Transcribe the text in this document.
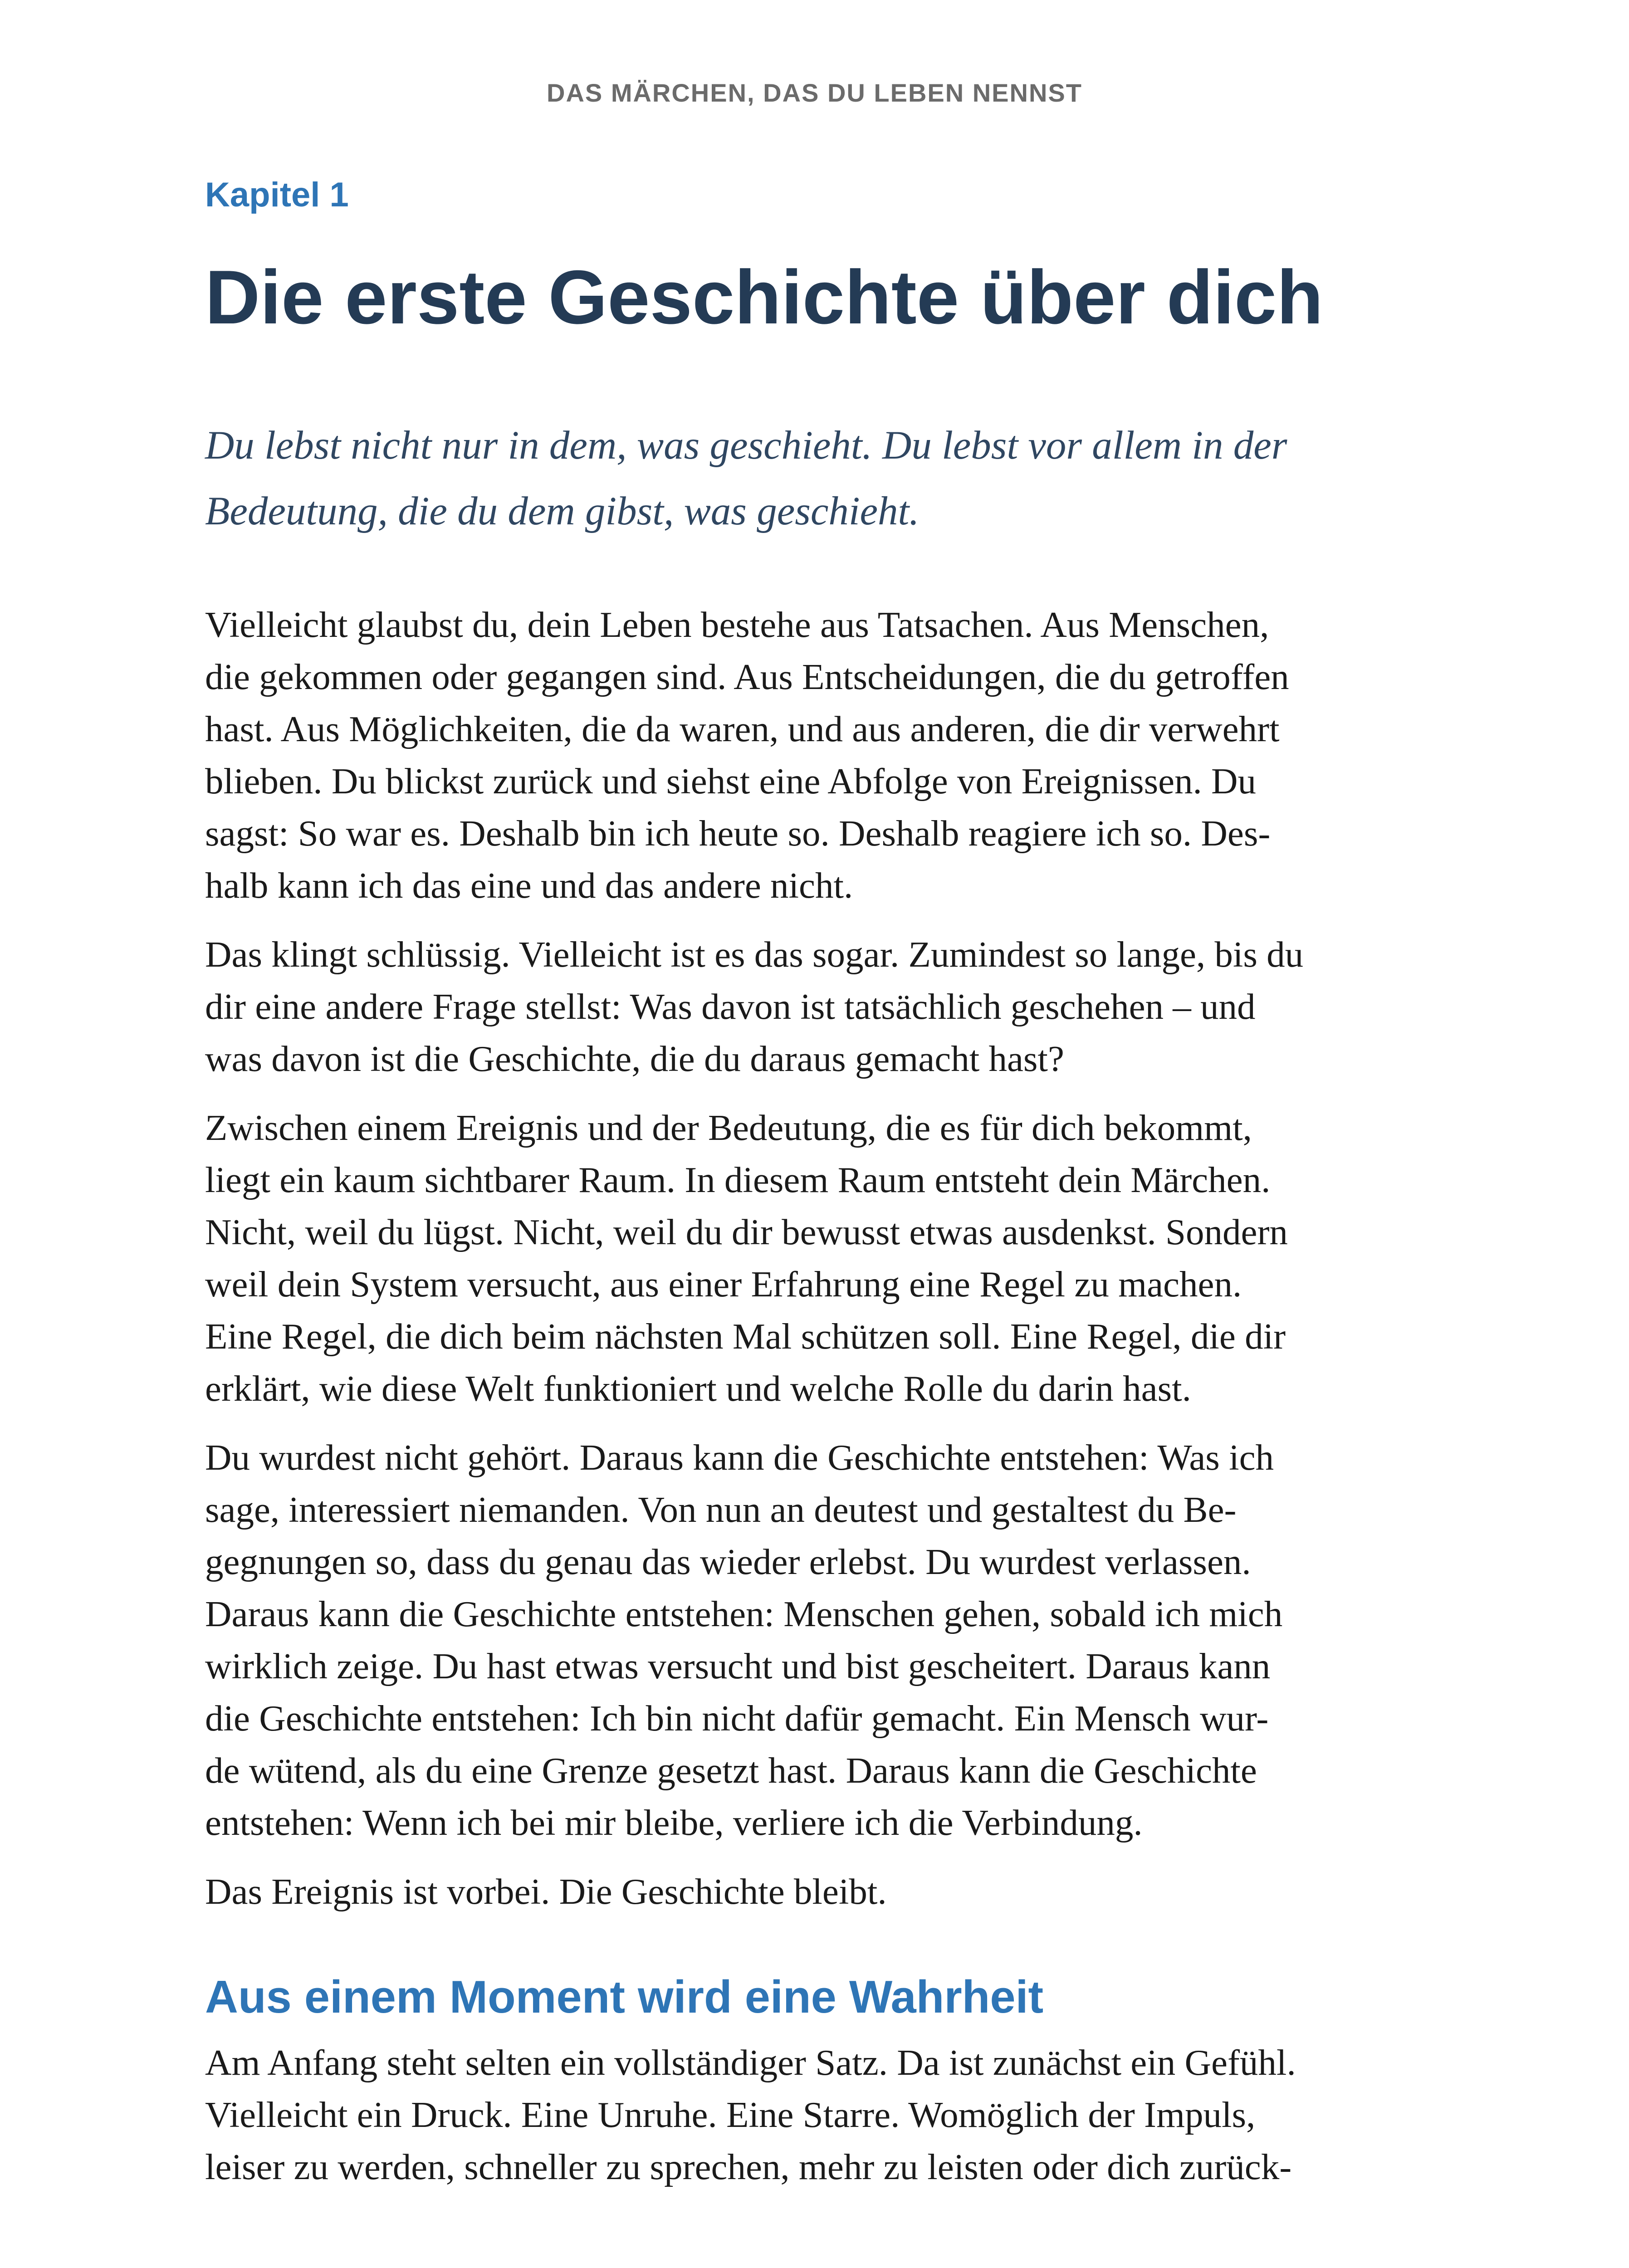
DAS MÄRCHEN, DAS DU LEBEN NENNST
Kapitel 1
Die erste Geschichte über dich

Du lebst nicht nur in dem, was geschieht. Du lebst vor allem in der
Bedeutung, die du dem gibst, was geschieht.

Vielleicht glaubst du, dein Leben bestehe aus Tatsachen. Aus Menschen,
die gekommen oder gegangen sind. Aus Entscheidungen, die du getroffen
hast. Aus Möglichkeiten, die da waren, und aus anderen, die dir verwehrt
blieben. Du blickst zurück und siehst eine Abfolge von Ereignissen. Du
sagst: So war es. Deshalb bin ich heute so. Deshalb reagiere ich so. Des-
halb kann ich das eine und das andere nicht.

Das klingt schlüssig. Vielleicht ist es das sogar. Zumindest so lange, bis du
dir eine andere Frage stellst: Was davon ist tatsächlich geschehen – und
was davon ist die Geschichte, die du daraus gemacht hast?

Zwischen einem Ereignis und der Bedeutung, die es für dich bekommt,
liegt ein kaum sichtbarer Raum. In diesem Raum entsteht dein Märchen.
Nicht, weil du lügst. Nicht, weil du dir bewusst etwas ausdenkst. Sondern
weil dein System versucht, aus einer Erfahrung eine Regel zu machen.
Eine Regel, die dich beim nächsten Mal schützen soll. Eine Regel, die dir
erklärt, wie diese Welt funktioniert und welche Rolle du darin hast.

Du wurdest nicht gehört. Daraus kann die Geschichte entstehen: Was ich
sage, interessiert niemanden. Von nun an deutest und gestaltest du Be-
gegnungen so, dass du genau das wieder erlebst. Du wurdest verlassen.
Daraus kann die Geschichte entstehen: Menschen gehen, sobald ich mich
wirklich zeige. Du hast etwas versucht und bist gescheitert. Daraus kann
die Geschichte entstehen: Ich bin nicht dafür gemacht. Ein Mensch wur-
de wütend, als du eine Grenze gesetzt hast. Daraus kann die Geschichte
entstehen: Wenn ich bei mir bleibe, verliere ich die Verbindung.

Das Ereignis ist vorbei. Die Geschichte bleibt.

Aus einem Moment wird eine Wahrheit

Am Anfang steht selten ein vollständiger Satz. Da ist zunächst ein Gefühl.
Vielleicht ein Druck. Eine Unruhe. Eine Starre. Womöglich der Impuls,
leiser zu werden, schneller zu sprechen, mehr zu leisten oder dich zurück-
